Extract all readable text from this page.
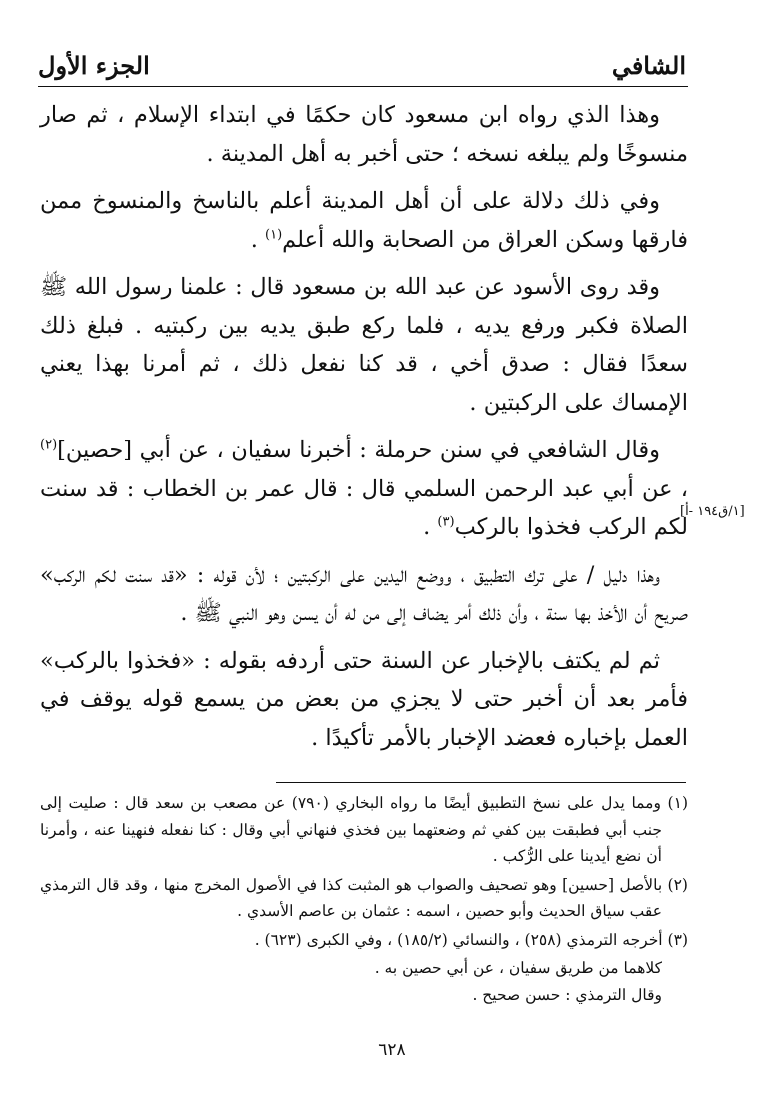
الشافي
الجزء الأول

وهذا الذي رواه ابن مسعود كان حكمًا في ابتداء الإسلام ، ثم صار منسوخًا ولم يبلغه نسخه ؛ حتى أخبر به أهل المدينة .

وفي ذلك دلالة على أن أهل المدينة أعلم بالناسخ والمنسوخ ممن فارقها وسكن العراق من الصحابة والله أعلم$^{(١)}$ .

وقد روى الأسود عن عبد الله بن مسعود قال : علمنا رسول الله ﷺ الصلاة فكبر ورفع يديه ، فلما ركع طبق يديه بين ركبتيه . فبلغ ذلك سعدًا فقال : صدق أخي ، قد كنا نفعل ذلك ، ثم أمرنا بهذا يعني الإمساك على الركبتين .

وقال الشافعي في سنن حرملة : أخبرنا سفيان ، عن أبي [حصين]$^{(٢)}$ ، عن أبي عبد الرحمن السلمي قال : قال عمر بن الخطاب : قد سنت لكم الركب فخذوا بالركب$^{(٣)}$ .

وهذا دليل / على ترك التطبيق ، ووضع اليدين على الركبتين ؛ لأن قوله : «قد سنت لكم الركب» صريح أن الأخذ بها سنة ، وأن ذلك أمر يضاف إلى من له أن يسن وهو النبي ﷺ .

ثم لم يكتف بالإخبار عن السنة حتى أردفه بقوله : «فخذوا بالركب» فأمر بعد أن أخبر حتى لا يجزي من بعض من يسمع قوله يوقف في العمل بإخباره فعضد الإخبار بالأمر تأكيدًا .

[١/ق١٩٤ -أ]

(١) ومما يدل على نسخ التطبيق أيضًا ما رواه البخاري (٧٩٠) عن مصعب بن سعد قال : صليت إلى جنب أبي فطبقت بين كفي ثم وضعتهما بين فخذي فنهاني أبي وقال : كنا نفعله فنهينا عنه ، وأمرنا أن نضع أيدينا على الرُّكب .

(٢) بالأصل [حسين] وهو تصحيف والصواب هو المثبت كذا في الأصول المخرج منها ، وقد قال الترمذي عقب سياق الحديث وأبو حصين ، اسمه : عثمان بن عاصم الأسدي .

(٣) أخرجه الترمذي (٢٥٨) ، والنسائي (١٨٥/٢) ، وفي الكبرى (٦٢٣) .

كلاهما من طريق سفيان ، عن أبي حصين به .

وقال الترمذي : حسن صحيح .

٦٢٨
